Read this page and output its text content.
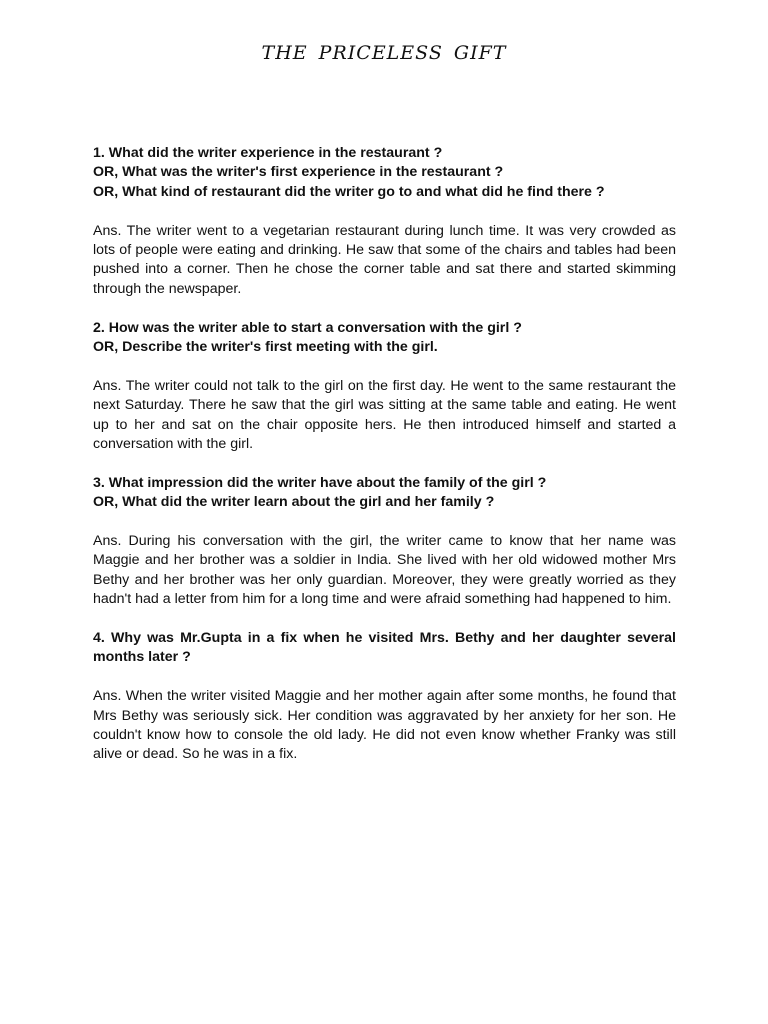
THE PRICELESS GIFT
1. What did the writer experience in the restaurant ?
OR, What was the writer's first experience in the restaurant ?
OR, What kind of restaurant did the writer go to and what did he find there ?

Ans. The writer went to a vegetarian restaurant during lunch time. It was very crowded as lots of people were eating and drinking. He saw that some of the chairs and tables had been pushed into a corner. Then he chose the corner table and sat there and started skimming through the newspaper.

2. How was the writer able to start a conversation with the girl ?
OR, Describe the writer's first meeting with the girl.

Ans. The writer could not talk to the girl on the first day. He went to the same restaurant the next Saturday. There he saw that the girl was sitting at the same table and eating. He went up to her and sat on the chair opposite hers. He then introduced himself and started a conversation with the girl.

3. What impression did the writer have about the family of the girl ?
OR, What did the writer learn about the girl and her family ?

Ans. During his conversation with the girl, the writer came to know that her name was Maggie and her brother was a soldier in India. She lived with her old widowed mother Mrs Bethy and her brother was her only guardian. Moreover, they were greatly worried as they hadn't had a letter from him for a long time and were afraid something had happened to him.

4. Why was Mr.Gupta in a fix when he visited Mrs. Bethy and her daughter several months later ?

Ans. When the writer visited Maggie and her mother again after some months, he found that Mrs Bethy was seriously sick. Her condition was aggravated by her anxiety for her son. He couldn't know how to console the old lady. He did not even know whether Franky was still alive or dead. So he was in a fix.
